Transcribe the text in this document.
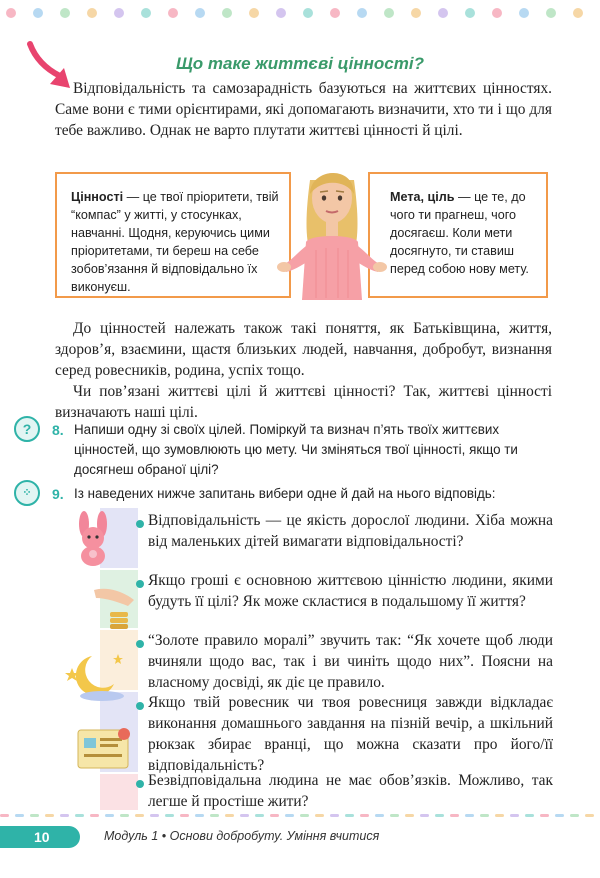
Що таке життєві цінності?

Відповідальність та самозарадність базуються на життєвих цінностях. Саме вони є тими орієнтирами, які допомагають визначити, хто ти і що для тебе важливо. Однак не варто плутати життєві цінності й цілі.

Цінності — це твої пріоритети, твій “компас” у житті, у стосунках, навчанні. Щодня, керуючись цими пріоритетами, ти береш на себе зобов’язання й відповідально їх виконуєш.
Мета, ціль — це те, до чого ти прагнеш, чого досягаєш. Коли мети досягнуто, ти ставиш перед собою нову мету.

До цінностей належать також такі поняття, як Батьківщина, життя, здоров’я, взаємини, щастя близьких людей, навчання, добробут, визнання серед ровесників, родина, успіх тощо.

Чи пов’язані життєві цілі й життєві цінності? Так, життєві цінності визначають наші цілі.

?	8. Напиши одну зі своїх цілей. Поміркуй та визнач п’ять твоїх життєвих цінностей, що зумовлюють цю мету. Чи зміняться твої цінності, якщо ти досягнеш обраної цілі?

⁘	9. Із наведених нижче запитань вибери одне й дай на нього відповідь:

Відповідальність — це якість дорослої людини. Хіба можна від маленьких дітей вимагати відповідальності?

Якщо гроші є основною життєвою цінністю людини, якими будуть її цілі? Як може скластися в подальшому її життя?

“Золоте правило моралі” звучить так: “Як хочете щоб люди вчиняли щодо вас, так і ви чиніть щодо них”. Поясни на власному досвіді, як діє це правило.

Якщо твій ровесник чи твоя ровесниця завжди відкладає виконання домашнього завдання на пізній вечір, а шкільний рюкзак збирає вранці, що можна сказати про його/її відповідальність?

Безвідповідальна людина не має обов’язків. Можливо, так легше й простіше жити?

10	Модуль 1 • Основи добробуту. Уміння вчитися
